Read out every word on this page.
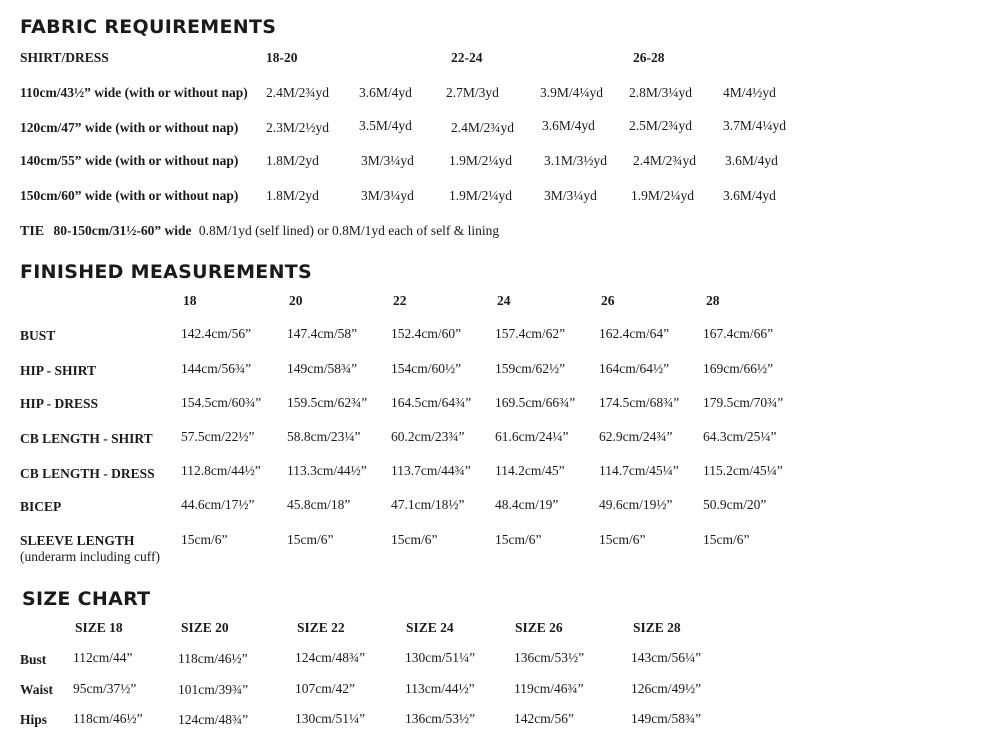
FABRIC REQUIREMENTS
SHIRT/DRESS	18-20	22-24	26-28
110cm/43½” wide (with or without nap) 2.4M/2¾yd 3.6M/4yd	2.7M/3yd	3.9M/4¼yd 2.8M/3¼yd 4M/4½yd
120cm/47” wide (with or without nap) 2.3M/2½yd 3.5M/4yd	2.4M/2¾yd 3.6M/4yd	2.5M/2¾yd 3.7M/4¼yd
140cm/55” wide (with or without nap) 1.8M/2yd	3M/3¼yd	1.9M/2¼yd 3.1M/3½yd 2.4M/2¾yd 3.6M/4yd
150cm/60” wide (with or without nap) 1.8M/2yd	3M/3¼yd	1.9M/2¼yd 3M/3¼yd	1.9M/2¼yd 3.6M/4yd
TIE 80-150cm/31½-60” wide 0.8M/1yd (self lined) or 0.8M/1yd each of self & lining
FINISHED MEASUREMENTS
18	20	22	24	26	28
BUST	142.4cm/56”	147.4cm/58”	152.4cm/60”	157.4cm/62”	162.4cm/64”	167.4cm/66”
HIP - SHIRT	144cm/56¾”	149cm/58¾”	154cm/60½”	159cm/62½”	164cm/64½”	169cm/66½”
HIP - DRESS	154.5cm/60¾” 159.5cm/62¾” 164.5cm/64¾” 169.5cm/66¾” 174.5cm/68¾” 179.5cm/70¾”
CB LENGTH - SHIRT 57.5cm/22½” 58.8cm/23¼” 60.2cm/23¾” 61.6cm/24¼” 62.9cm/24¾” 64.3cm/25¼”
CB LENGTH - DRESS 112.8cm/44½” 113.3cm/44½” 113.7cm/44¾” 114.2cm/45”	114.7cm/45¼” 115.2cm/45¼”
BICEP	44.6cm/17½” 45.8cm/18”	47.1cm/18½” 48.4cm/19”	49.6cm/19½” 50.9cm/20”
SLEEVE LENGTH
(underarm including cuff)
15cm/6”	15cm/6”	15cm/6”	15cm/6”	15cm/6”	15cm/6”
SIZE CHART
SIZE 18	SIZE 20	SIZE 22	SIZE 24	SIZE 26	SIZE 28
Bust 112cm/44”	118cm/46½”	124cm/48¾”	130cm/51¼”	136cm/53½”	143cm/56¼”
Waist 95cm/37½”	101cm/39¾”	107cm/42”	113cm/44½”	119cm/46¾”	126cm/49½”
Hips 118cm/46½”	124cm/48¾”	130cm/51¼”	136cm/53½”	142cm/56”	149cm/58¾”
